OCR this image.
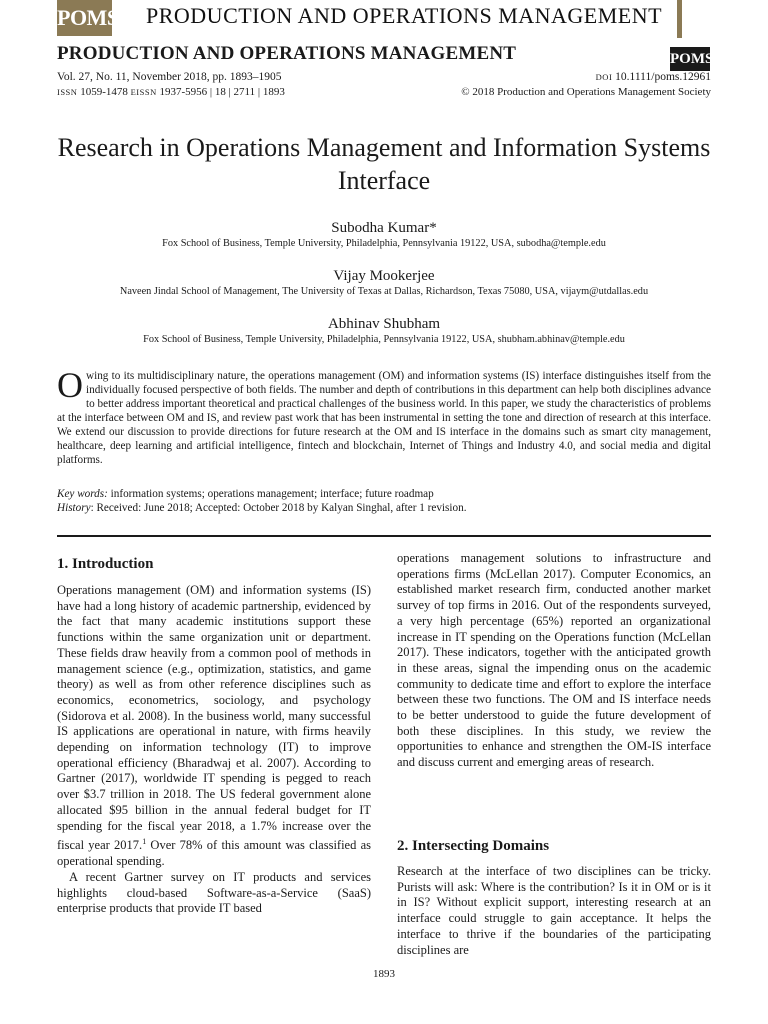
POMS PRODUCTION AND OPERATIONS MANAGEMENT
PRODUCTION AND OPERATIONS MANAGEMENT	POMS
Vol. 27, No. 11, November 2018, pp. 1893–1905
ISSN 1059-1478 EISSN 1937-5956 | 18 | 2711 | 1893
DOI 10.1111/poms.12961
© 2018 Production and Operations Management Society
Research in Operations Management and Information Systems Interface
Subodha Kumar*
Fox School of Business, Temple University, Philadelphia, Pennsylvania 19122, USA, subodha@temple.edu
Vijay Mookerjee
Naveen Jindal School of Management, The University of Texas at Dallas, Richardson, Texas 75080, USA, vijaym@utdallas.edu
Abhinav Shubham
Fox School of Business, Temple University, Philadelphia, Pennsylvania 19122, USA, shubham.abhinav@temple.edu
Owing to its multidisciplinary nature, the operations management (OM) and information systems (IS) interface distinguishes itself from the individually focused perspective of both fields. The number and depth of contributions in this department can help both disciplines advance to better address important theoretical and practical challenges of the business world. In this paper, we study the characteristics of problems at the interface between OM and IS, and review past work that has been instrumental in setting the tone and direction of research at this interface. We extend our discussion to provide directions for future research at the OM and IS interface in the domains such as smart city management, healthcare, deep learning and artificial intelligence, fintech and blockchain, Internet of Things and Industry 4.0, and social media and digital platforms.
Key words: information systems; operations management; interface; future roadmap
History: Received: June 2018; Accepted: October 2018 by Kalyan Singhal, after 1 revision.
1. Introduction

Operations management (OM) and information systems (IS) have had a long history of academic partnership, evidenced by the fact that many academic institutions support these functions within the same organization unit or department. These fields draw heavily from a common pool of methods in management science (e.g., optimization, statistics, and game theory) as well as from other reference disciplines such as economics, econometrics, sociology, and psychology (Sidorova et al. 2008). In the business world, many successful IS applications are operational in nature, with firms heavily depending on information technology (IT) to improve operational efficiency (Bharadwaj et al. 2007). According to Gartner (2017), worldwide IT spending is pegged to reach over $3.7 trillion in 2018. The US federal government alone allocated $95 billion in the annual federal budget for IT spending for the fiscal year 2018, a 1.7% increase over the fiscal year 2017.$^1$ Over 78% of this amount was classified as operational spending.

A recent Gartner survey on IT products and services highlights cloud-based Software-as-a-Service (SaaS) enterprise products that provide IT based

operations management solutions to infrastructure and operations firms (McLellan 2017). Computer Economics, an established market research firm, conducted another market survey of top firms in 2016. Out of the respondents surveyed, a very high percentage (65%) reported an organizational increase in IT spending on the Operations function (McLellan 2017). These indicators, together with the anticipated growth in these areas, signal the impending onus on the academic community to dedicate time and effort to explore the interface between these two functions. The OM and IS interface needs to be better understood to guide the future development of both these disciplines. In this study, we review the opportunities to enhance and strengthen the OM-IS interface and discuss current and emerging areas of research.

2. Intersecting Domains

Research at the interface of two disciplines can be tricky. Purists will ask: Where is the contribution? Is it in OM or is it in IS? Without explicit support, interesting research at an interface could struggle to gain acceptance. It helps the interface to thrive if the boundaries of the participating disciplines are

1893
